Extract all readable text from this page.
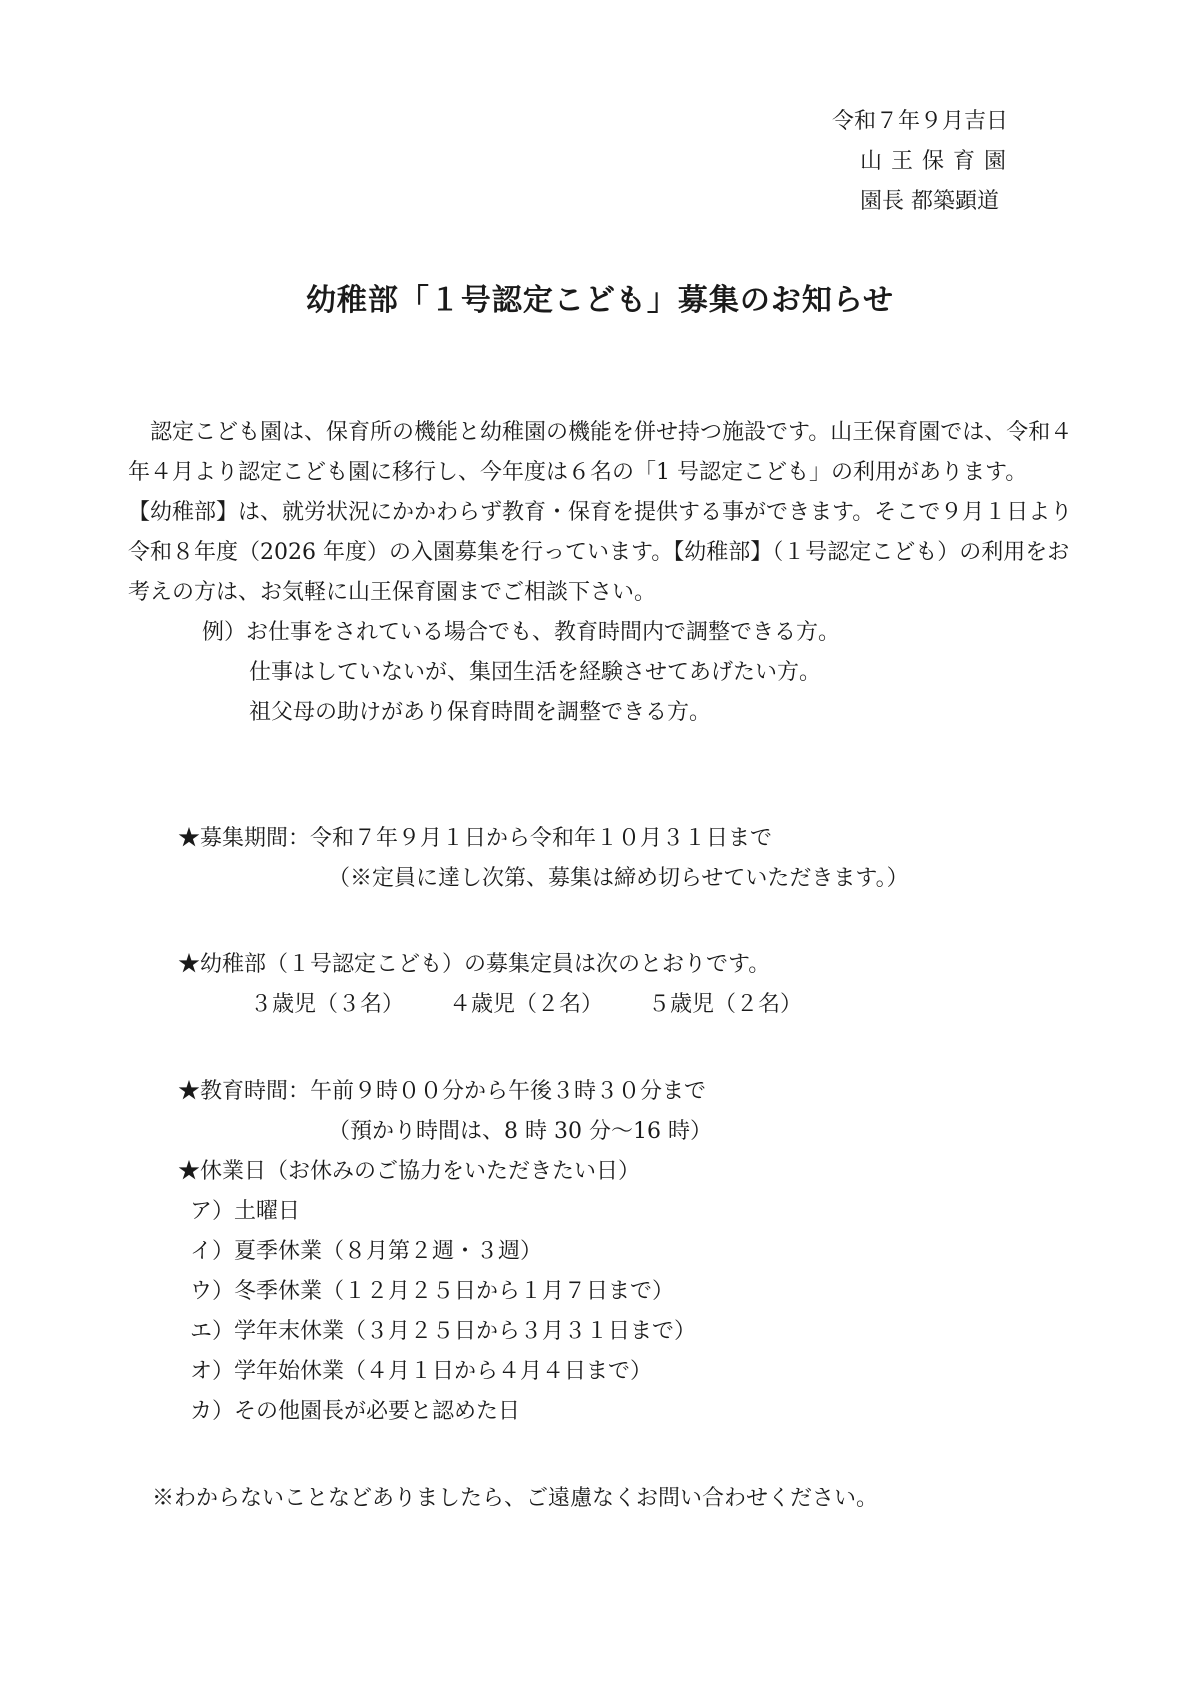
令和７年９月吉日
山王保育園
園長 都築顕道
幼稚部「１号認定こども」募集のお知らせ

認定こども園は、保育所の機能と幼稚園の機能を併せ持つ施設です。山王保育園では、令和４年４月より認定こども園に移行し、今年度は６名の「1 号認定こども」の利用があります。

【幼稚部】は、就労状況にかかわらず教育・保育を提供する事ができます。そこで９月１日より令和８年度（2026 年度）の入園募集を行っています。【幼稚部】（１号認定こども）の利用をお考えの方は、お気軽に山王保育園までご相談下さい。

例）お仕事をされている場合でも、教育時間内で調整できる方。
仕事はしていないが、集団生活を経験させてあげたい方。
祖父母の助けがあり保育時間を調整できる方。
★募集期間：令和７年９月１日から令和年１０月３１日まで
（※定員に達し次第、募集は締め切らせていただきます。）
★幼稚部（１号認定こども）の募集定員は次のとおりです。
３歳児（３名） ４歳児（２名） ５歳児（２名）
★教育時間：午前９時００分から午後３時３０分まで
（預かり時間は、8 時 30 分～16 時）
★休業日（お休みのご協力をいただきたい日）
ア）土曜日
イ）夏季休業（８月第２週・３週）
ウ）冬季休業（１２月２５日から１月７日まで）
エ）学年末休業（３月２５日から３月３１日まで）
オ）学年始休業（４月１日から４月４日まで）
カ）その他園長が必要と認めた日
※わからないことなどありましたら、ご遠慮なくお問い合わせください。
